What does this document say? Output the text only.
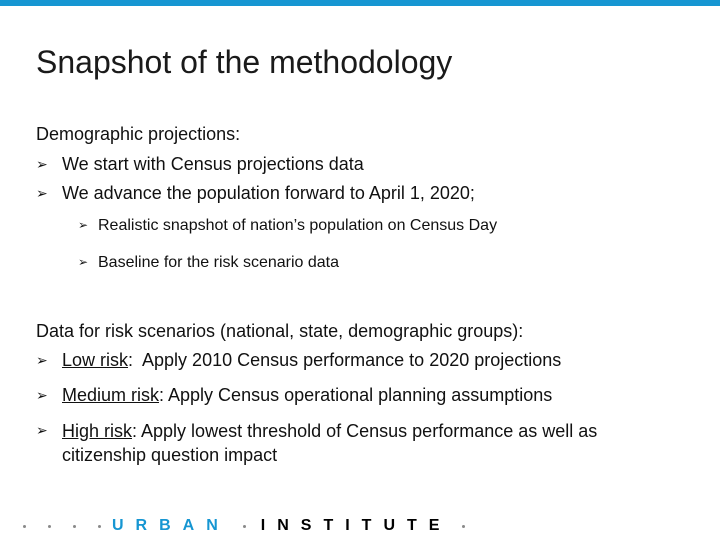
Snapshot of the methodology

Demographic projections:

➢ We start with Census projections data

➢ We advance the population forward to April 1, 2020;

➢ Realistic snapshot of nation’s population on Census Day

➢ Baseline for the risk scenario data

Data for risk scenarios (national, state, demographic groups):

➢ Low risk:  Apply 2010 Census performance to 2020 projections

➢ Medium risk: Apply Census operational planning assumptions

➢ High risk: Apply lowest threshold of Census performance as well as citizenship question impact
URBAN INSTITUTE
